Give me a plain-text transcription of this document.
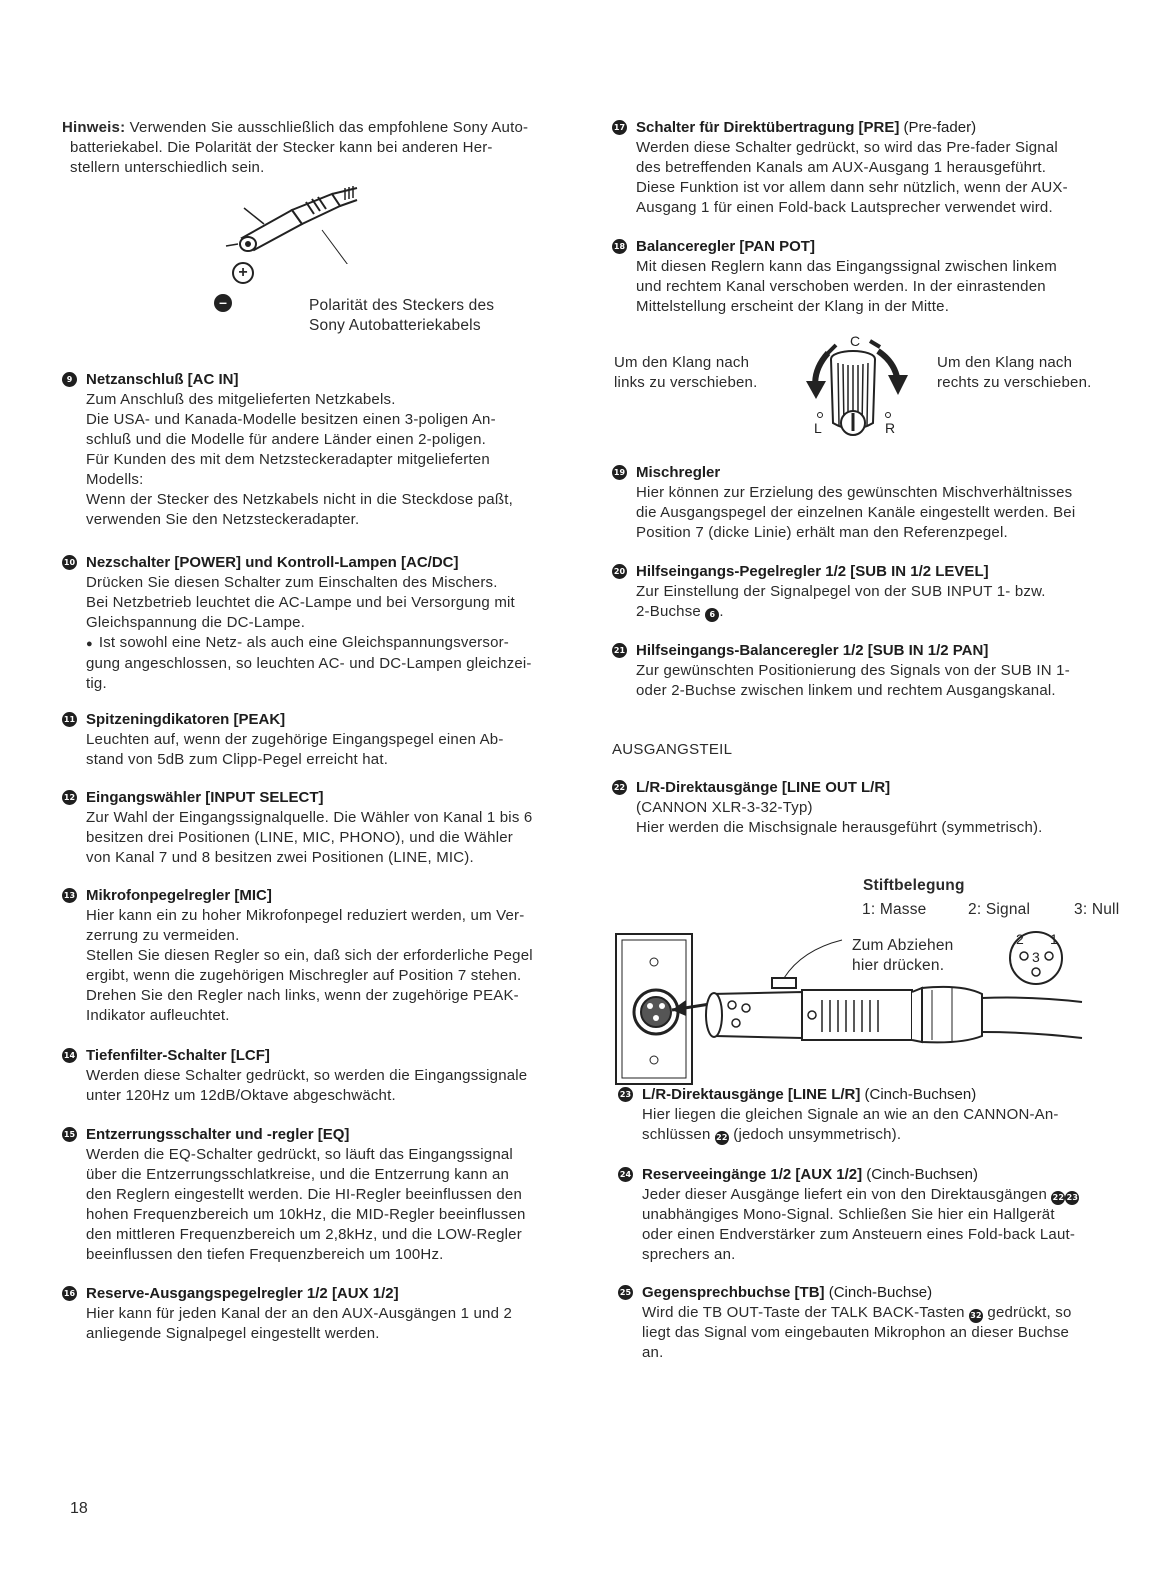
Hinweis: Verwenden Sie ausschließlich das empfohlene Sony Auto-

batteriekabel. Die Polarität der Stecker kann bei anderen Her-

stellern unterschiedlich sein.

+
–	Polarität des Steckers des

Sony Autobatteriekabels

9 Netzanschluß [AC IN]

Zum Anschluß des mitgelieferten Netzkabels.

Die USA- und Kanada-Modelle besitzen einen 3-poligen An-

schluß und die Modelle für andere Länder einen 2-poligen.

Für Kunden des mit dem Netzsteckeradapter mitgelieferten

Modells:

Wenn der Stecker des Netzkabels nicht in die Steckdose paßt,

verwenden Sie den Netzsteckeradapter.

10 Nezschalter [POWER] und Kontroll-Lampen [AC/DC]

Drücken Sie diesen Schalter zum Einschalten des Mischers.

Bei Netzbetrieb leuchtet die AC-Lampe und bei Versorgung mit

Gleichspannung die DC-Lampe.

● Ist sowohl eine Netz- als auch eine Gleichspannungsversor-

gung angeschlossen, so leuchten AC- und DC-Lampen gleichzei-

tig.

11 Spitzeningdikatoren [PEAK]

Leuchten auf, wenn der zugehörige Eingangspegel einen Ab-

stand von 5dB zum Clipp-Pegel erreicht hat.

12 Eingangswähler [INPUT SELECT]

Zur Wahl der Eingangssignalquelle. Die Wähler von Kanal 1 bis 6

besitzen drei Positionen (LINE, MIC, PHONO), und die Wähler

von Kanal 7 und 8 besitzen zwei Positionen (LINE, MIC).

13 Mikrofonpegelregler [MIC]

Hier kann ein zu hoher Mikrofonpegel reduziert werden, um Ver-

zerrung zu vermeiden.

Stellen Sie diesen Regler so ein, daß sich der erforderliche Pegel

ergibt, wenn die zugehörigen Mischregler auf Position 7 stehen.

Drehen Sie den Regler nach links, wenn der zugehörige PEAK-

Indikator aufleuchtet.

14 Tiefenfilter-Schalter [LCF]

Werden diese Schalter gedrückt, so werden die Eingangssignale

unter 120Hz um 12dB/Oktave abgeschwächt.

15 Entzerrungsschalter und -regler [EQ]

Werden die EQ-Schalter gedrückt, so läuft das Eingangssignal

über die Entzerrungsschlatkreise, und die Entzerrung kann an

den Reglern eingestellt werden. Die HI-Regler beeinflussen den

hohen Frequenzbereich um 10kHz, die MID-Regler beeinflussen

den mittleren Frequenzbereich um 2,8kHz, und die LOW-Regler

beeinflussen den tiefen Frequenzbereich um 100Hz.

16 Reserve-Ausgangspegelregler 1/2 [AUX 1/2]

Hier kann für jeden Kanal der an den AUX-Ausgängen 1 und 2

anliegende Signalpegel eingestellt werden.

17 Schalter für Direktübertragung [PRE] (Pre-fader)

Werden diese Schalter gedrückt, so wird das Pre-fader Signal

des betreffenden Kanals am AUX-Ausgang 1 herausgeführt.

Diese Funktion ist vor allem dann sehr nützlich, wenn der AUX-

Ausgang 1 für einen Fold-back Lautsprecher verwendet wird.

18 Balanceregler [PAN POT]

Mit diesen Reglern kann das Eingangssignal zwischen linkem

und rechtem Kanal verschoben werden. In der einrastenden

Mittelstellung erscheint der Klang in der Mitte.

Um den Klang nach

links zu verschieben.

C
L	R

Um den Klang nach

rechts zu verschieben.

19 Mischregler

Hier können zur Erzielung des gewünschten Mischverhältnisses

die Ausgangspegel der einzelnen Kanäle eingestellt werden. Bei

Position 7 (dicke Linie) erhält man den Referenzpegel.

20 Hilfseingangs-Pegelregler 1/2 [SUB IN 1/2 LEVEL]

Zur Einstellung der Signalpegel von der SUB INPUT 1- bzw.

2-Buchse 6 .

21 Hilfseingangs-Balanceregler 1/2 [SUB IN 1/2 PAN]

Zur gewünschten Positionierung des Signals von der SUB IN 1-

oder 2-Buchse zwischen linkem und rechtem Ausgangskanal.

AUSGANGSTEIL

22 L/R-Direktausgänge [LINE OUT L/R]

(CANNON XLR-3-32-Typ)

Hier werden die Mischsignale herausgeführt (symmetrisch).

Stiftbelegung

1: Masse	2: Signal	3: Null

Zum Abziehen

hier drücken.

2 1
3

23 L/R-Direktausgänge [LINE L/R] (Cinch-Buchsen)

Hier liegen die gleichen Signale an wie an den CANNON-An-

schlüssen 22 (jedoch unsymmetrisch).

24 Reserveeingänge 1/2 [AUX 1/2] (Cinch-Buchsen)

Jeder dieser Ausgänge liefert ein von den Direktausgängen 22 23

unabhängiges Mono-Signal. Schließen Sie hier ein Hallgerät

oder einen Endverstärker zum Ansteuern eines Fold-back Laut-

sprechers an.

25 Gegensprechbuchse [TB] (Cinch-Buchse)

Wird die TB OUT-Taste der TALK BACK-Tasten 32 gedrückt, so

liegt das Signal vom eingebauten Mikrophon an dieser Buchse

an.

18
